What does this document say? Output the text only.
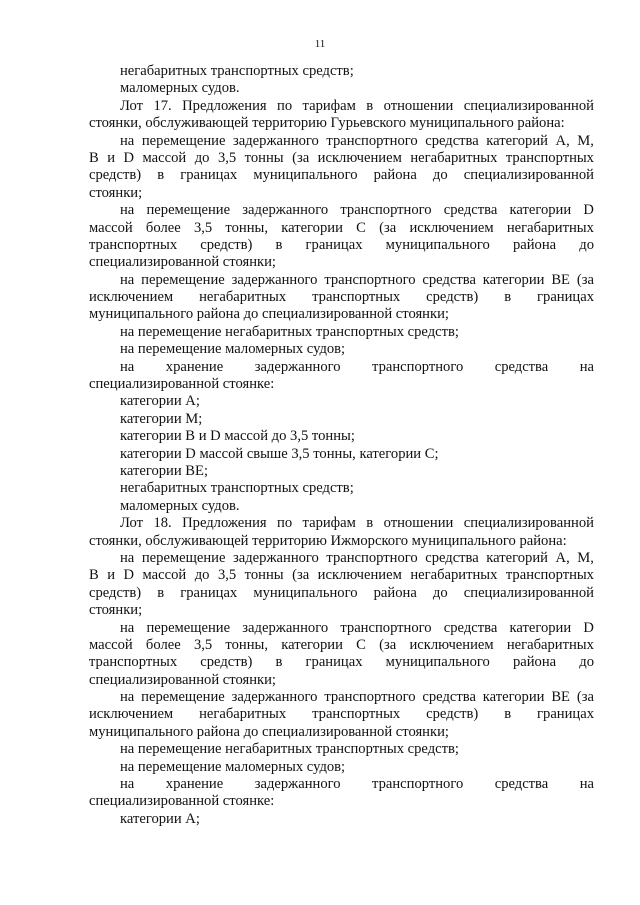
11
негабаритных транспортных средств;
маломерных судов.
Лот 17. Предложения по тарифам в отношении специализированной
стоянки, обслуживающей территорию Гурьевского муниципального района:
на перемещение задержанного транспортного средства категорий А, М,
В и D массой до 3,5 тонны (за исключением негабаритных транспортных
средств) в границах муниципального района до специализированной
стоянки;
на перемещение задержанного транспортного средства категории D
массой более 3,5 тонны, категории С (за исключением негабаритных
транспортных средств) в границах муниципального района до
специализированной стоянки;
на перемещение задержанного транспортного средства категории ВЕ (за
исключением негабаритных транспортных средств) в границах
муниципального района до специализированной стоянки;
на перемещение негабаритных транспортных средств;
на перемещение маломерных судов;
на хранение задержанного транспортного средства на
специализированной стоянке:
категории А;
категории М;
категории В и D массой до 3,5 тонны;
категории D массой свыше 3,5 тонны, категории С;
категории ВЕ;
негабаритных транспортных средств;
маломерных судов.
Лот 18. Предложения по тарифам в отношении специализированной
стоянки, обслуживающей территорию Ижморского муниципального района:
на перемещение задержанного транспортного средства категорий А, М,
В и D массой до 3,5 тонны (за исключением негабаритных транспортных
средств) в границах муниципального района до специализированной
стоянки;
на перемещение задержанного транспортного средства категории D
массой более 3,5 тонны, категории С (за исключением негабаритных
транспортных средств) в границах муниципального района до
специализированной стоянки;
на перемещение задержанного транспортного средства категории ВЕ (за
исключением негабаритных транспортных средств) в границах
муниципального района до специализированной стоянки;
на перемещение негабаритных транспортных средств;
на перемещение маломерных судов;
на хранение задержанного транспортного средства на
специализированной стоянке:
категории А;
